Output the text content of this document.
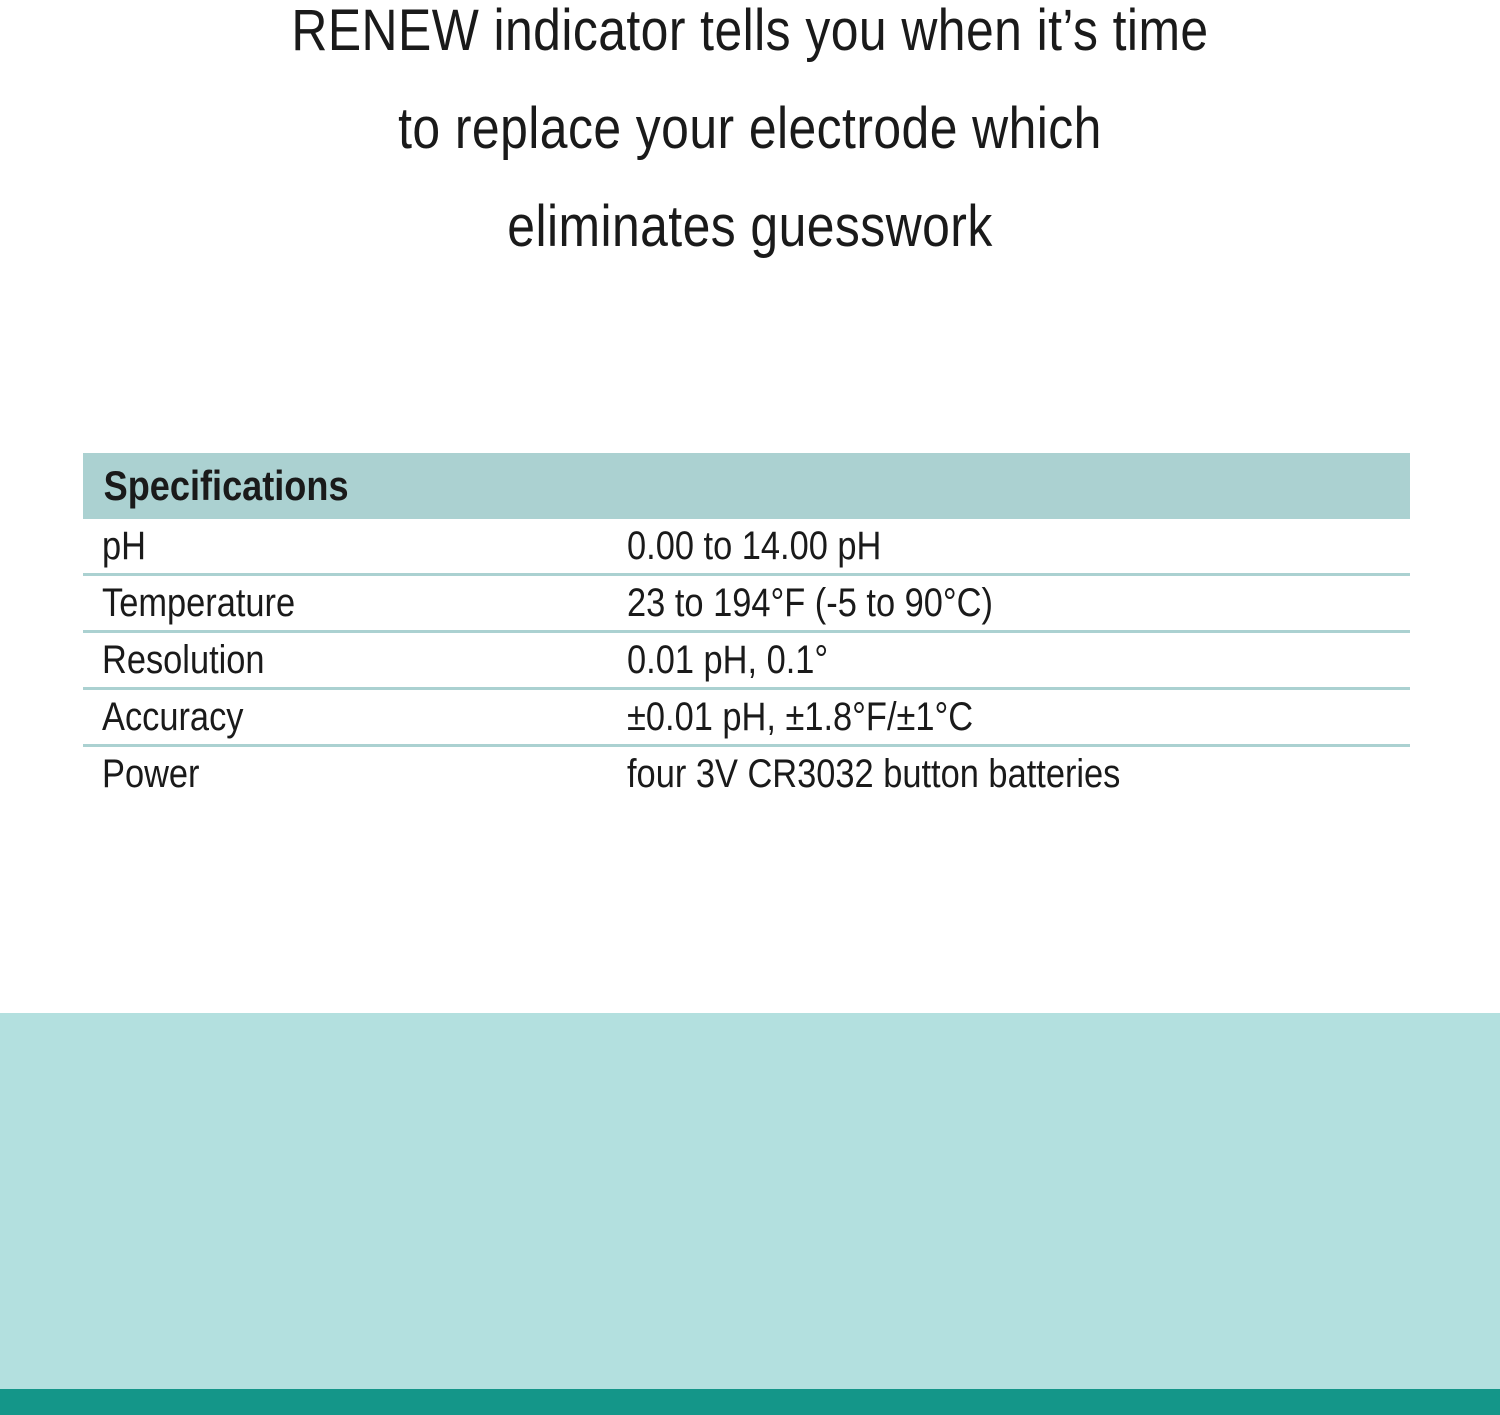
RENEW indicator tells you when it’s time
to replace your electrode which
eliminates guesswork
Specifications
pH	0.00 to 14.00 pH
Temperature	23 to 194°F (-5 to 90°C)
Resolution	0.01 pH, 0.1°
Accuracy	±0.01 pH, ±1.8°F/±1°C
Power	four 3V CR3032 button batteries
